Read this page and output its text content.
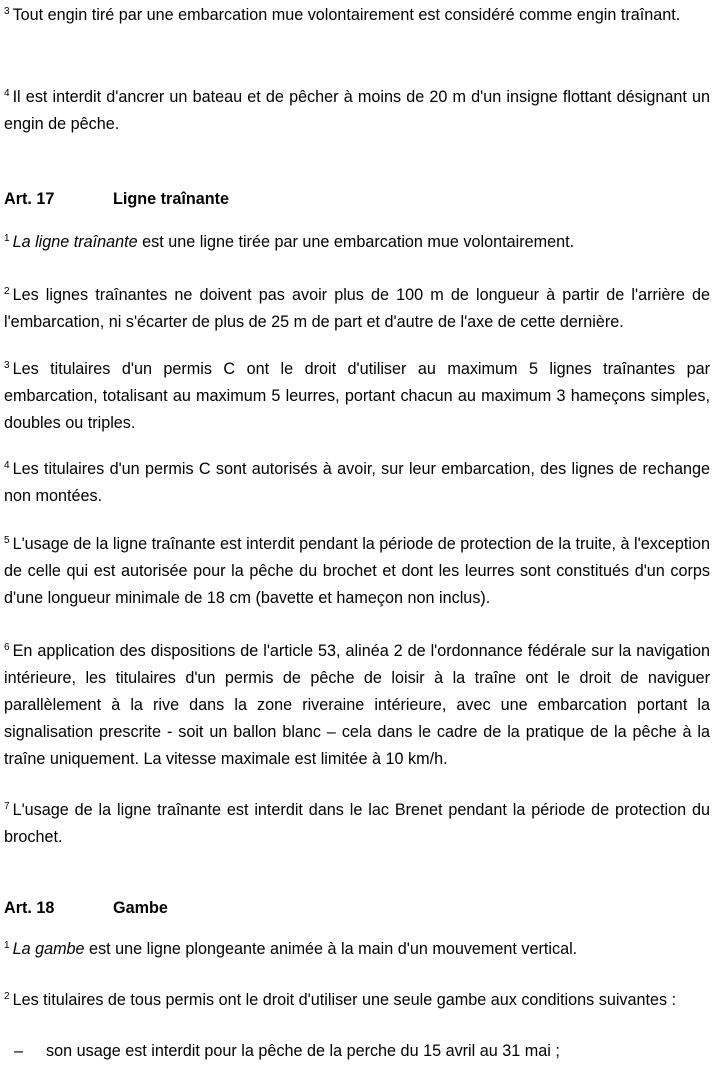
$^3$ Tout engin tiré par une embarcation mue volontairement est considéré comme engin traînant.

$^4$ Il est interdit d'ancrer un bateau et de pêcher à moins de 20 m d'un insigne flottant désignant un engin de pêche.

Art. 17	Ligne traînante

$^1$ La ligne traînante est une ligne tirée par une embarcation mue volontairement.

$^2$ Les lignes traînantes ne doivent pas avoir plus de 100 m de longueur à partir de l'arrière de l'embarcation, ni s'écarter de plus de 25 m de part et d'autre de l'axe de cette dernière.

$^3$ Les titulaires d'un permis C ont le droit d'utiliser au maximum 5 lignes traînantes par embarcation, totalisant au maximum 5 leurres, portant chacun au maximum 3 hameçons simples, doubles ou triples.

$^4$ Les titulaires d'un permis C sont autorisés à avoir, sur leur embarcation, des lignes de rechange non montées.

$^5$ L'usage de la ligne traînante est interdit pendant la période de protection de la truite, à l'exception de celle qui est autorisée pour la pêche du brochet et dont les leurres sont constitués d'un corps d'une longueur minimale de 18 cm (bavette et hameçon non inclus).

$^6$ En application des dispositions de l'article 53, alinéa 2 de l'ordonnance fédérale sur la navigation intérieure, les titulaires d'un permis de pêche de loisir à la traîne ont le droit de naviguer parallèlement à la rive dans la zone riveraine intérieure, avec une embarcation portant la signalisation prescrite - soit un ballon blanc – cela dans le cadre de la pratique de la pêche à la traîne uniquement. La vitesse maximale est limitée à 10 km/h.

$^7$ L'usage de la ligne traînante est interdit dans le lac Brenet pendant la période de protection du brochet.

Art. 18	Gambe

$^1$ La gambe est une ligne plongeante animée à la main d'un mouvement vertical.

$^2$ Les titulaires de tous permis ont le droit d'utiliser une seule gambe aux conditions suivantes :

– son usage est interdit pour la pêche de la perche du 15 avril au 31 mai ;
